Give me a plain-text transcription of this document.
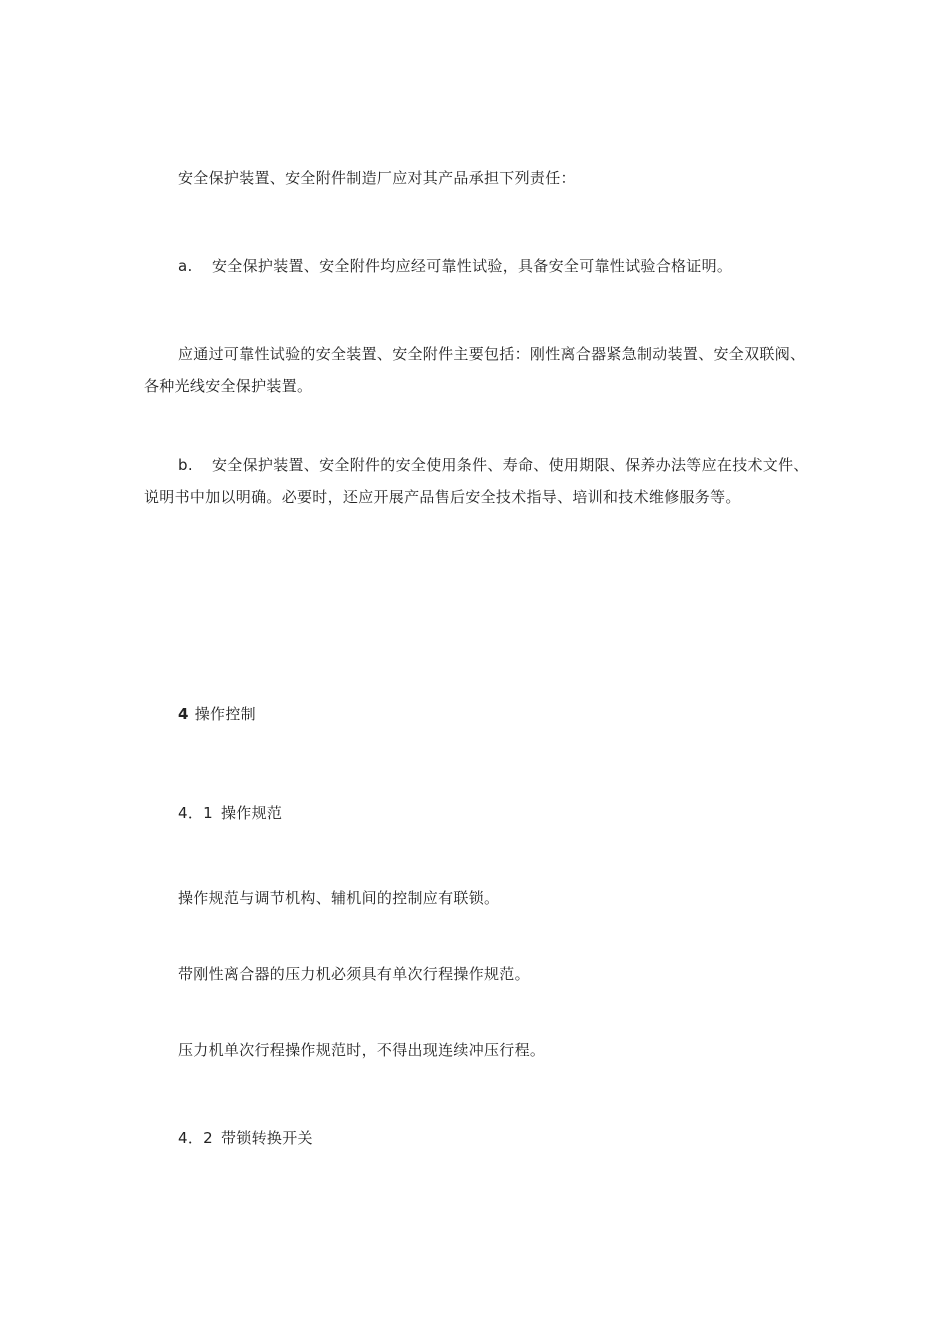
安全保护装置、安全附件制造厂应对其产品承担下列责任：
a. 安全保护装置、安全附件均应经可靠性试验，具备安全可靠性试验合格证明。
应通过可靠性试验的安全装置、安全附件主要包括：刚性离合器紧急制动装置、安全双联阀、各种光线安全保护装置。
b. 安全保护装置、安全附件的安全使用条件、寿命、使用期限、保养办法等应在技术文件、说明书中加以明确。必要时，还应开展产品售后安全技术指导、培训和技术维修服务等。
4 操作控制
4．1 操作规范
操作规范与调节机构、辅机间的控制应有联锁。
带刚性离合器的压力机必须具有单次行程操作规范。
压力机单次行程操作规范时，不得出现连续冲压行程。
4．2 带锁转换开关
